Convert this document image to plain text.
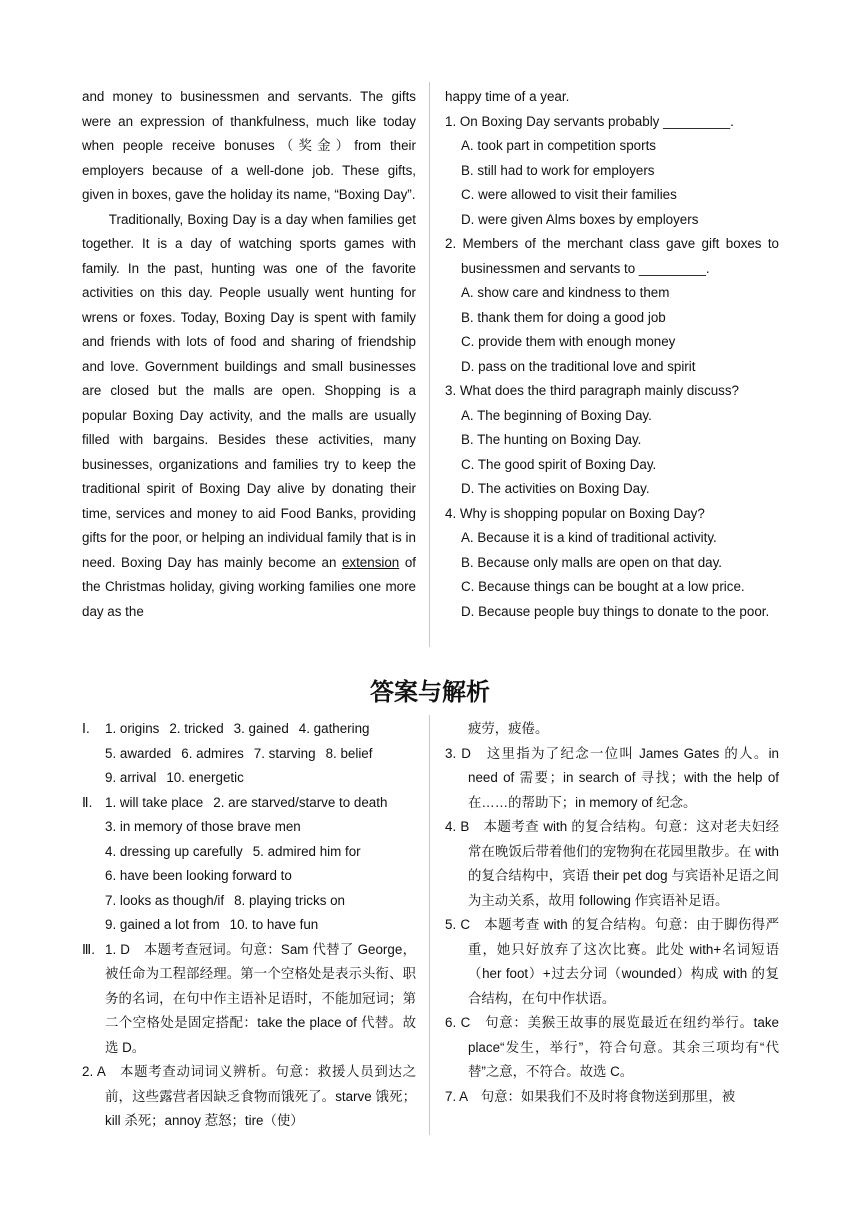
and money to businessmen and servants. The gifts were an expression of thankfulness, much like today when people receive bonuses（奖金）from their employers because of a well-done job. These gifts, given in boxes, gave the holiday its name, “Boxing Day”.

Traditionally, Boxing Day is a day when families get together. It is a day of watching sports games with family. In the past, hunting was one of the favorite activities on this day. People usually went hunting for wrens or foxes. Today, Boxing Day is spent with family and friends with lots of food and sharing of friendship and love. Government buildings and small businesses are closed but the malls are open. Shopping is a popular Boxing Day activity, and the malls are usually filled with bargains. Besides these activities, many businesses, organizations and families try to keep the traditional spirit of Boxing Day alive by donating their time, services and money to aid Food Banks, providing gifts for the poor, or helping an individual family that is in need. Boxing Day has mainly become an extension of the Christmas holiday, giving working families one more day as the

happy time of a year.

1. On Boxing Day servants probably _________.

A. took part in competition sports

B. still had to work for employers

C. were allowed to visit their families

D. were given Alms boxes by employers

2. Members of the merchant class gave gift boxes to businessmen and servants to _________.

A. show care and kindness to them

B. thank them for doing a good job

C. provide them with enough money

D. pass on the traditional love and spirit

3. What does the third paragraph mainly discuss?

A. The beginning of Boxing Day.

B. The hunting on Boxing Day.

C. The good spirit of Boxing Day.

D. The activities on Boxing Day.

4. Why is shopping popular on Boxing Day?

A. Because it is a kind of traditional activity.

B. Because only malls are open on that day.

C. Because things can be bought at a low price.

D. Because people buy things to donate to the poor.

答案与解析

Ⅰ. 1. origins 2. tricked 3. gained 4. gathering

5. awarded 6. admires 7. starving 8. belief

9. arrival 10. energetic

Ⅱ. 1. will take place 2. are starved/starve to death

3. in memory of those brave men

4. dressing up carefully 5. admired him for

6. have been looking forward to

7. looks as though/if 8. playing tricks on

9. gained a lot from 10. to have fun

Ⅲ. 1. D　本题考查冠词。句意：Sam 代替了 George，被任命为工程部经理。第一个空格处是表示头衔、职务的名词，在句中作主语补足语时，不能加冠词；第二个空格处是固定搭配：take the place of 代替。故选 D。

2. A　本题考查动词词义辨析。句意：救援人员到达之前，这些露营者因缺乏食物而饿死了。starve 饿死；kill 杀死；annoy 惹怒；tire（使）

疲劳，疲倦。

3. D　这里指为了纪念一位叫 James Gates 的人。in need of 需要；in search of 寻找；with the help of 在……的帮助下；in memory of 纪念。

4. B　本题考查 with 的复合结构。句意：这对老夫妇经常在晚饭后带着他们的宠物狗在花园里散步。在 with 的复合结构中，宾语 their pet dog 与宾语补足语之间为主动关系，故用 following 作宾语补足语。

5. C　本题考查 with 的复合结构。句意：由于脚伤得严重，她只好放弃了这次比赛。此处 with+名词短语（her foot）+过去分词（wounded）构成 with 的复合结构，在句中作状语。

6. C　句意：美猴王故事的展览最近在纽约举行。take place“发生，举行”，符合句意。其余三项均有“代替”之意，不符合。故选 C。

7. A　句意：如果我们不及时将食物送到那里，被
